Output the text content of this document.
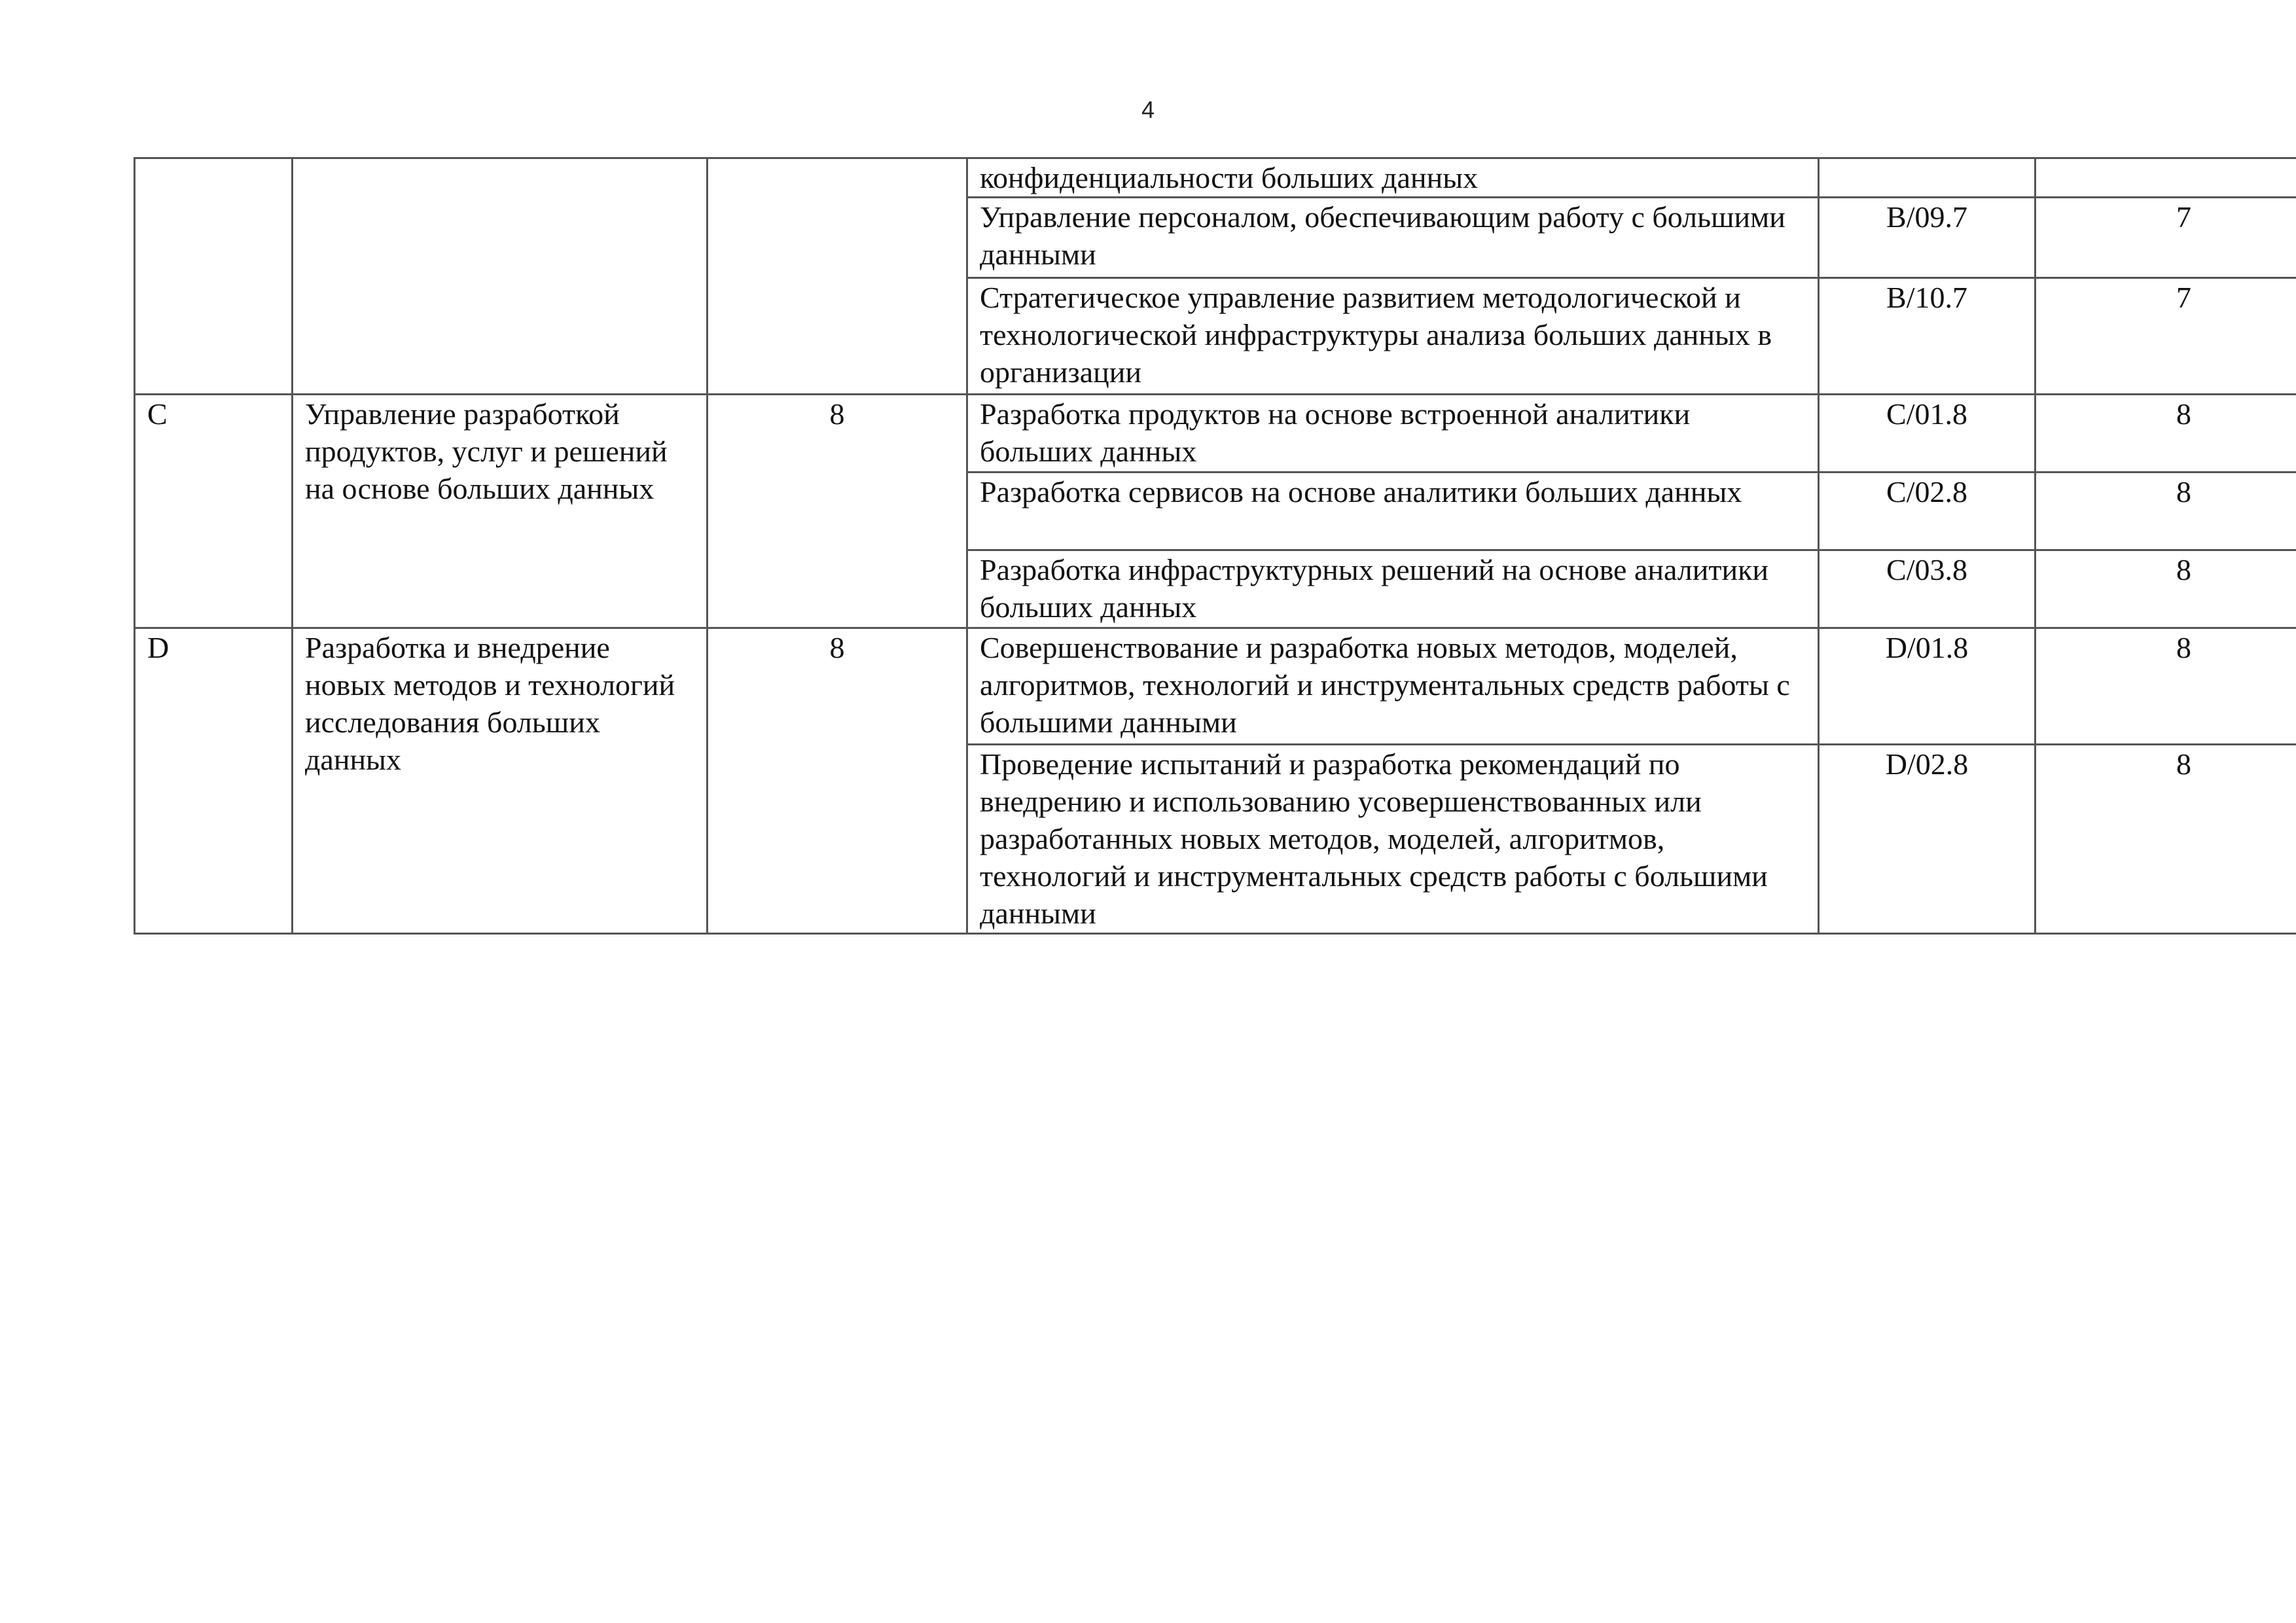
4
			конфиденциальности больших данных		
			Управление персоналом, обеспечивающим работу с большими данными	B/09.7	7
			Стратегическое управление развитием методологической и технологической инфраструктуры анализа больших данных в организации	B/10.7	7
C	Управление разработкой продуктов, услуг и решений на основе больших данных	8	Разработка продуктов на основе встроенной аналитики больших данных	C/01.8	8
			Разработка сервисов на основе аналитики больших данных	C/02.8	8
			Разработка инфраструктурных решений на основе аналитики больших данных	C/03.8	8
D	Разработка и внедрение новых методов и технологий исследования больших данных	8	Совершенствование и разработка новых методов, моделей, алгоритмов, технологий и инструментальных средств работы с большими данными	D/01.8	8
			Проведение испытаний и разработка рекомендаций по внедрению и использованию усовершенствованных или разработанных новых методов, моделей, алгоритмов, технологий и инструментальных средств работы с большими данными	D/02.8	8
